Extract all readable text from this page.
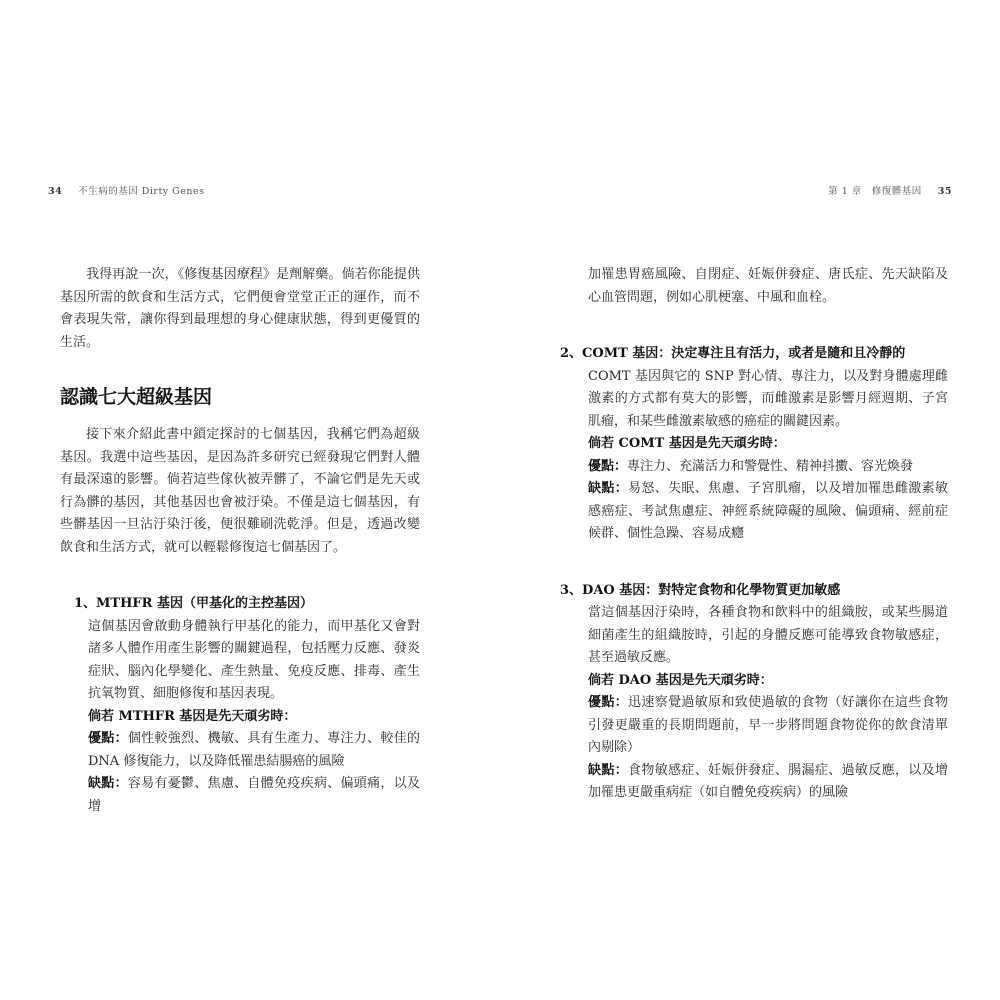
34 不生病的基因 Dirty Genes	第 1 章　修復髒基因 35

我得再說一次，《修復基因療程》是劑解藥。倘若你能提供基因所需的飲食和生活方式，它們便會堂堂正正的運作，而不會表現失常，讓你得到最理想的身心健康狀態，得到更優質的生活。

認識七大超級基因

接下來介紹此書中鎖定探討的七個基因，我稱它們為超級基因。我選中這些基因，是因為許多研究已經發現它們對人體有最深遠的影響。倘若這些傢伙被弄髒了，不論它們是先天或行為髒的基因，其他基因也會被汙染。不僅是這七個基因，有些髒基因一旦沾汙染汙後，便很難刷洗乾淨。但是，透過改變飲食和生活方式，就可以輕鬆修復這七個基因了。

1、MTHFR 基因（甲基化的主控基因）

這個基因會啟動身體執行甲基化的能力，而甲基化又會對諸多人體作用產生影響的關鍵過程，包括壓力反應、發炎症狀、腦內化學變化、產生熱量、免疫反應、排毒、產生抗氧物質、細胞修復和基因表現。

倘若 MTHFR 基因是先天頑劣時：

優點：個性較強烈、機敏、具有生產力、專注力、較佳的 DNA 修復能力，以及降低罹患結腸癌的風險

缺點：容易有憂鬱、焦慮、自體免疫疾病、偏頭痛，以及增

加罹患胃癌風險、自閉症、妊娠併發症、唐氏症、先天缺陷及心血管問題，例如心肌梗塞、中風和血栓。

2、COMT 基因：決定專注且有活力，或者是隨和且冷靜的

COMT 基因與它的 SNP 對心情、專注力，以及對身體處理雌激素的方式都有莫大的影響，而雌激素是影響月經週期、子宮肌瘤，和某些雌激素敏感的癌症的關鍵因素。

倘若 COMT 基因是先天頑劣時：

優點：專注力、充滿活力和警覺性、精神抖擻、容光煥發

缺點：易怒、失眠、焦慮、子宮肌瘤，以及增加罹患雌激素敏感癌症、考試焦慮症、神經系統障礙的風險、偏頭痛、經前症候群、個性急躁、容易成癮

3、DAO 基因：對特定食物和化學物質更加敏感

當這個基因汙染時，各種食物和飲料中的組織胺，或某些腸道細菌產生的組織胺時，引起的身體反應可能導致食物敏感症，甚至過敏反應。

倘若 DAO 基因是先天頑劣時：

優點：迅速察覺過敏原和致使過敏的食物（好讓你在這些食物引發更嚴重的長期問題前，早一步將問題食物從你的飲食清單內剔除）

缺點：食物敏感症、妊娠併發症、腸漏症、過敏反應，以及增加罹患更嚴重病症（如自體免疫疾病）的風險
